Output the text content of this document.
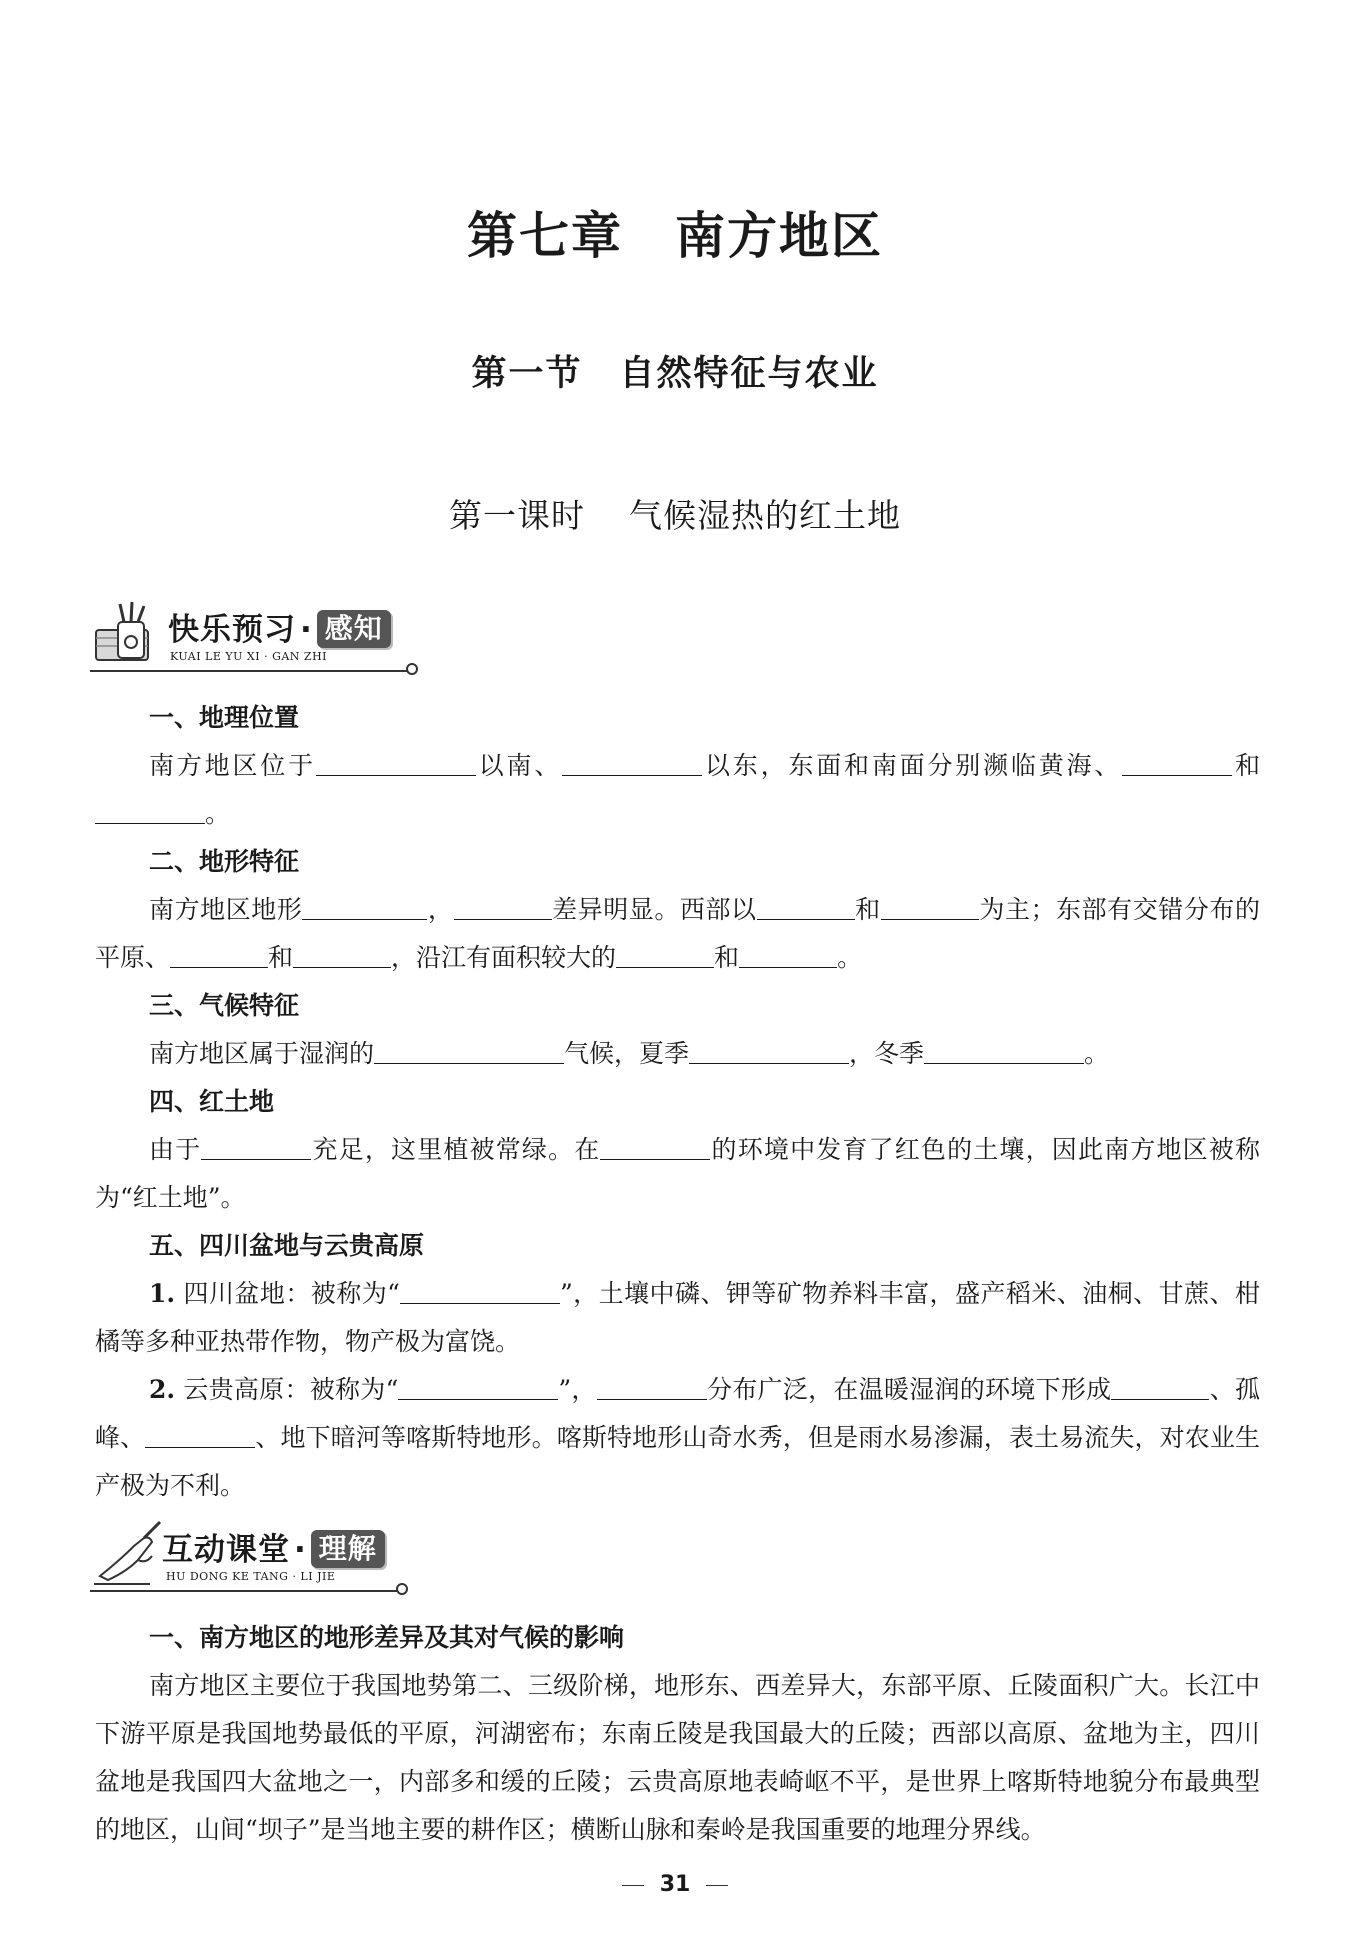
第七章　南方地区
第一节　自然特征与农业
第一课时 气候湿热的红土地
快乐预习 · 感知
KUAI LE YU XI · GAN ZHI
一、地理位置

南方地区位于	以南、	以东，东面和南面分别濒临黄海、	和。

二、地形特征

南方地区地形	，	差异明显。西部以	和	为主；东部有交错分布的平原、	和	，沿江有面积较大的	和	。

三、气候特征

南方地区属于湿润的	气候，夏季	，冬季	。

四、红土地

由于	充足，这里植被常绿。在	的环境中发育了红色的土壤，因此南方地区被称为“红土地”。

五、四川盆地与云贵高原

1. 四川盆地：被称为“	”，土壤中磷、钾等矿物养料丰富，盛产稻米、油桐、甘蔗、柑橘等多种亚热带作物，物产极为富饶。

2. 云贵高原：被称为“	”，	分布广泛，在温暖湿润的环境下形成	、孤峰、	、地下暗河等喀斯特地形。喀斯特地形山奇水秀，但是雨水易渗漏，表土易流失，对农业生产极为不利。

互动课堂 · 理解
HU DONG KE TANG · LI JIE
一、南方地区的地形差异及其对气候的影响

南方地区主要位于我国地势第二、三级阶梯，地形东、西差异大，东部平原、丘陵面积广大。长江中下游平原是我国地势最低的平原，河湖密布；东南丘陵是我国最大的丘陵；西部以高原、盆地为主，四川盆地是我国四大盆地之一，内部多和缓的丘陵；云贵高原地表崎岖不平，是世界上喀斯特地貌分布最典型的地区，山间“坝子”是当地主要的耕作区；横断山脉和秦岭是我国重要的地理分界线。

31
